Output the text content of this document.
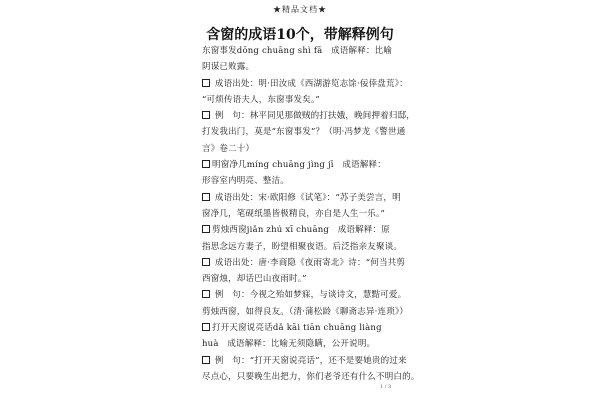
★精品文档★
含窗的成语10个，带解释例句
东窗事发dōng chuāng shì fā　成语解释：比喻
阴谋已败露。
成语出处：明·田汝成《西湖游览志馀·佞倖盘荒》：
“可烦传语夫人，东窗事发矣。”
例　句：林平同见那做贼的打扶娥，晚间押着归邸，
打发我出门，莫是“东窗事发”？（明·冯梦龙《警世通
言》卷二十）
明窗净几míng chuāng jìng jī　成语解释：
形容室内明亮、整洁。
成语出处：宋·欧阳修《试笔》：“苏子美尝言，明
窗净几，笔砚纸墨皆极精良，亦自是人生一乐。”
剪烛西窗jiǎn zhú xī chuāng　成语解释：原
指思念远方妻子，盼望相聚夜语。后泛指亲友聚谈。
成语出处：唐·李商隐《夜雨寄北》诗：“何当共剪
西窗烛，却话巴山夜雨时。”
例　句：今视之殆如梦寐，与谈诗文，慧黠可爱。
剪烛西窗，如得良友。（清·蒲松龄《聊斋志异·连琐》）
打开天窗说亮话dǎ kāi tiān chuāng liàng
huà　成语解释：比喻无须隐瞒，公开说明。
例　句：“打开天窗说亮话”，还不是要她贵的过来
尽点心，只要晚生出把力，你们老爷还有什么不明白的。
1 / 3
